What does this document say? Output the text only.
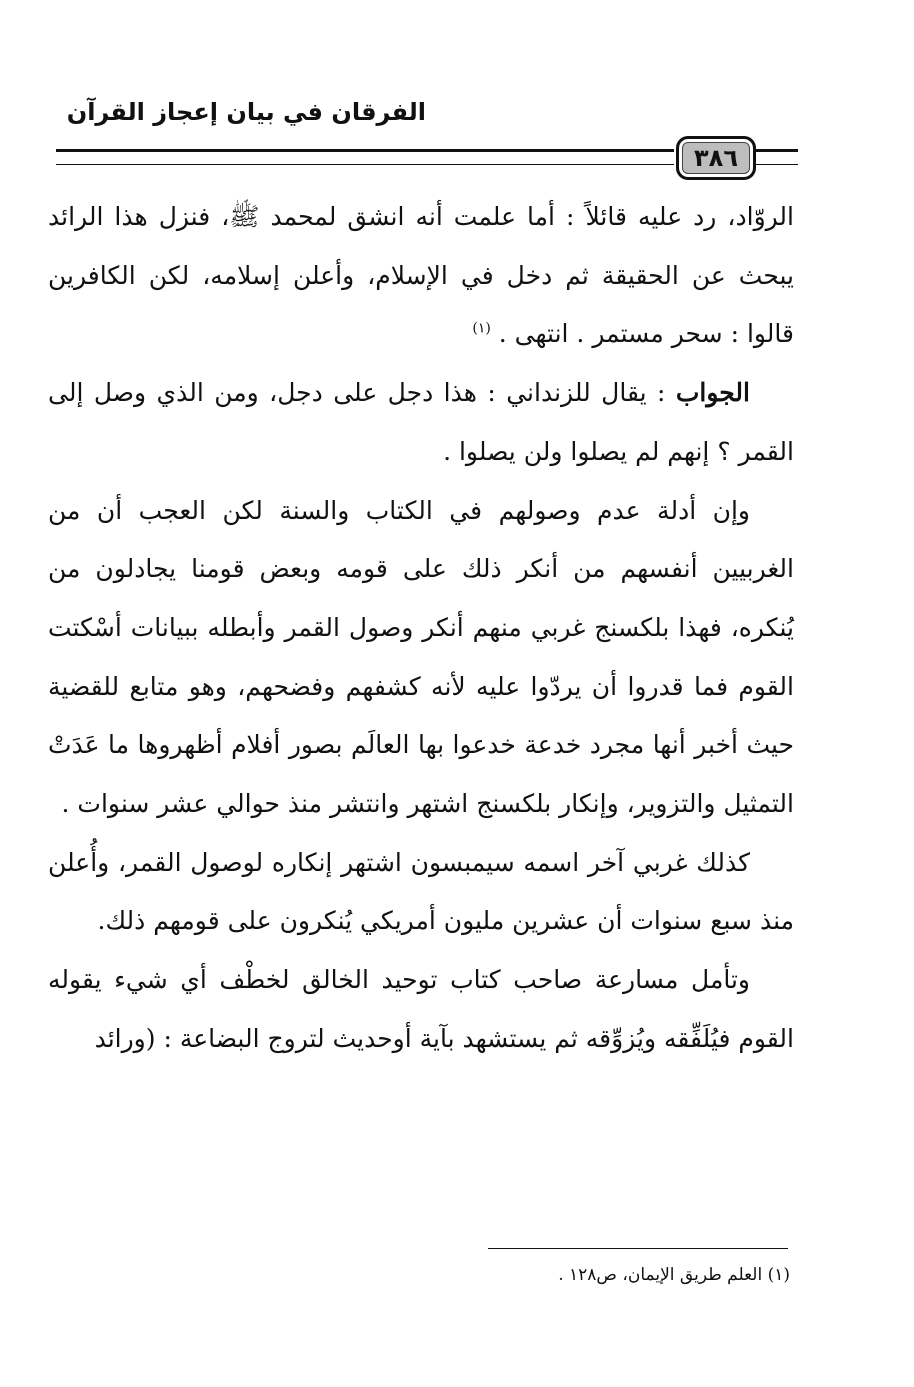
الفرقان في بيان إعجاز القرآن
٣٨٦

الروّاد، رد عليه قائلاً : أما علمت أنه انشق لمحمد ﷺ، فنزل هذا الرائد يبحث عن الحقيقة ثم دخل في الإسلام، وأعلن إسلامه، لكن الكافرين قالوا : سحر مستمر . انتهى . $^{(١)}$

الجواب : يقال للزنداني : هذا دجل على دجل، ومن الذي وصل إلى القمر ؟ إنهم لم يصلوا ولن يصلوا .

وإن أدلة عدم وصولهم في الكتاب والسنة لكن العجب أن من الغربيين أنفسهم من أنكر ذلك على قومه وبعض قومنا يجادلون من يُنكره، فهذا بلكسنج غربي منهم أنكر وصول القمر وأبطله ببيانات أسْكتت القوم فما قدروا أن يردّوا عليه لأنه كشفهم وفضحهم، وهو متابع للقضية حيث أخبر أنها مجرد خدعة خدعوا بها العالَم بصور أفلام أظهروها ما عَدَتْ التمثيل والتزوير، وإنكار بلكسنج اشتهر وانتشر منذ حوالي عشر سنوات .

كذلك غربي آخر اسمه سيمبسون اشتهر إنكاره لوصول القمر، وأُعلن منذ سبع سنوات أن عشرين مليون أمريكي يُنكرون على قومهم ذلك.

وتأمل مسارعة صاحب كتاب توحيد الخالق لخطْف أي شيء يقوله القوم فيُلَفِّقه ويُزوِّقه ثم يستشهد بآية أوحديث لتروج البضاعة : (ورائد

(١) العلم طريق الإيمان، ص١٢٨ .
